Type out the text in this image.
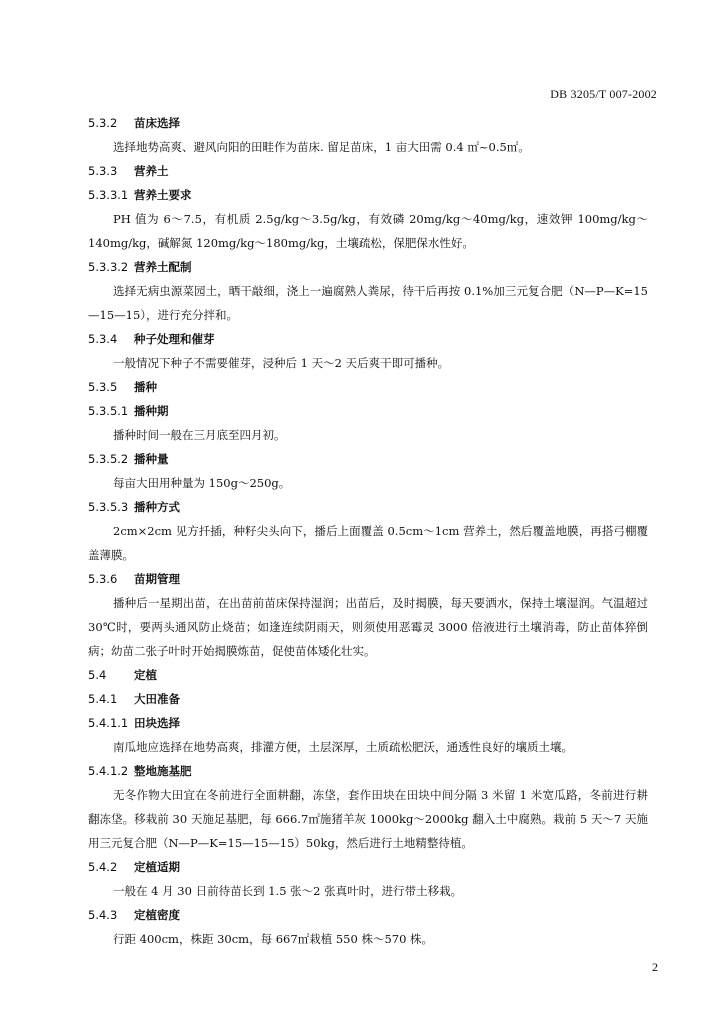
DB 3205/T 007-2002
5.3.2 苗床选择

选择地势高爽、避风向阳的田畦作为苗床. 留足苗床，1 亩大田需 0.4 ㎡~0.5㎡。

5.3.3 营养土
5.3.3.1 营养土要求

PH 值为 6～7.5，有机质 2.5g/kg～3.5g/kg，有效磷 20mg/kg～40mg/kg，速效钾 100mg/kg～140mg/kg，碱解氮 120mg/kg～180mg/kg，土壤疏松，保肥保水性好。

5.3.3.2 营养土配制

选择无病虫源菜园土，晒干敲细，浇上一遍腐熟人粪尿，待干后再按 0.1%加三元复合肥（N—P—K=15—15—15），进行充分拌和。

5.3.4 种子处理和催芽

一般情况下种子不需要催芽，浸种后 1 天～2 天后爽干即可播种。

5.3.5 播种
5.3.5.1 播种期

播种时间一般在三月底至四月初。

5.3.5.2 播种量

每亩大田用种量为 150g～250g。

5.3.5.3 播种方式

2cm×2cm 见方扦插，种籽尖头向下，播后上面覆盖 0.5cm～1cm 营养土，然后覆盖地膜，再搭弓棚覆盖薄膜。

5.3.6 苗期管理

播种后一星期出苗，在出苗前苗床保持湿润；出苗后，及时揭膜，每天要洒水，保持土壤湿润。气温超过 30℃时，要两头通风防止烧苗；如逢连续阴雨天，则须使用恶霉灵 3000 倍液进行土壤消毒，防止苗体猝倒病；幼苗二张子叶时开始揭膜炼苗，促使苗体矮化壮实。

5.4 定植
5.4.1 大田准备
5.4.1.1 田块选择

南瓜地应选择在地势高爽，排灌方便，土层深厚，土质疏松肥沃，通透性良好的壤质土壤。

5.4.1.2 整地施基肥

无冬作物大田宜在冬前进行全面耕翻，冻垡，套作田块在田块中间分隔 3 米留 1 米宽瓜路，冬前进行耕翻冻垡。移栽前 30 天施足基肥，每 666.7㎡施猪羊灰 1000kg～2000kg 翻入土中腐熟。栽前 5 天～7 天施用三元复合肥（N—P—K=15—15—15）50kg，然后进行土地精整待植。

5.4.2 定植适期

一般在 4 月 30 日前待苗长到 1.5 张～2 张真叶时，进行带土移栽。

5.4.3 定植密度

行距 400cm，株距 30cm，每 667㎡栽植 550 株～570 株。

2
